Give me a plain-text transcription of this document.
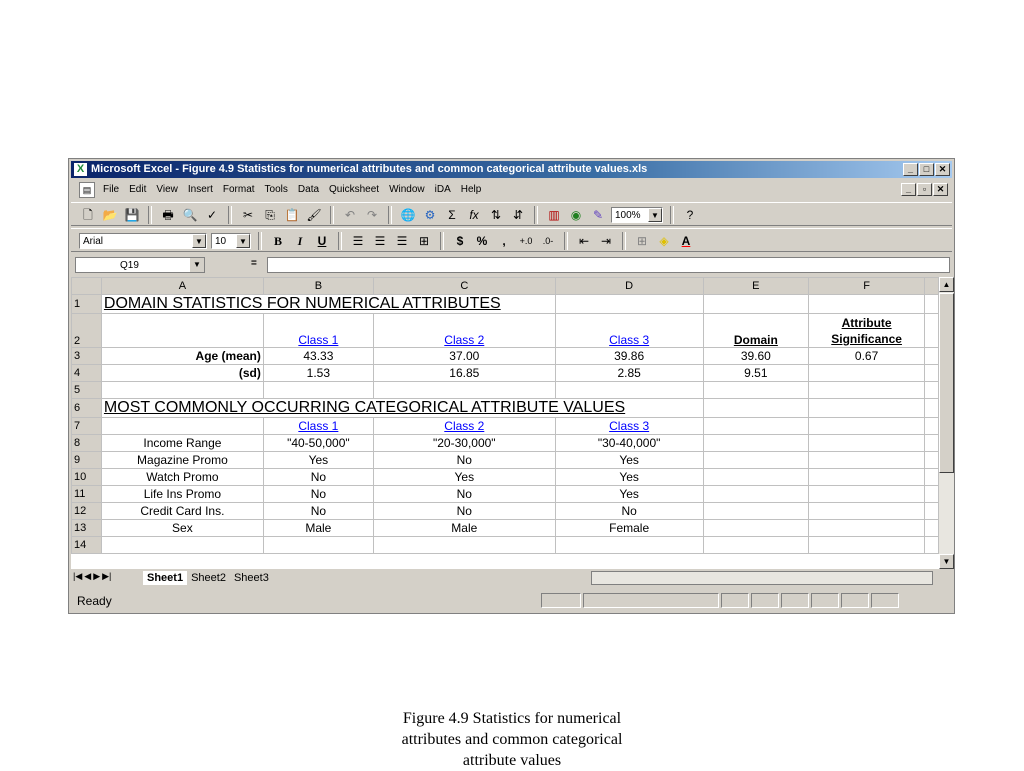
X Microsoft Excel - Figure 4.9 Statistics for numerical attributes and common categorical attribute values.xls	_	□	✕
▤	File Edit View Insert Format Tools Data Quicksheet Window iDA Help	_	▫	✕
🗋 📂 💾 🖶 🔍 ✓	✂	⎘ 📋 🖌	↶ ↷	🌐 ⚙	Σ	fx	⇅ ⇵	▥ ◉ ✎	100%	▼	?
Arial	▼	10	▼	B	I	U	☰ ☰ ☰ ⊞	$	%	,	+.0	.0-	⇤ ⇥	⊞	◈	A
Q19	▼	=
	A	B	C	D	E	F	
1	DOMAIN STATISTICS FOR NUMERICAL ATTRIBUTES						
2		Class 1	Class 2	Class 3	Domain	Attribute
Significance	
3	Age (mean)	43.33	37.00	39.86	39.60	0.67	
4	(sd)	1.53	16.85	2.85	9.51		
5							
6	MOST COMMONLY OCCURRING CATEGORICAL ATTRIBUTE VALUES						
7		Class 1	Class 2	Class 3			
8	Income Range	"40-50,000"	"20-30,000"	"30-40,000"			
9	Magazine Promo	Yes	No	Yes			
10	Watch Promo	No	Yes	Yes			
11	Life Ins Promo	No	No	Yes			
12	Credit Card Ins.	No	No	No			
13	Sex	Male	Male	Female			
14							
▲
▼
|◀ ◀ ▶ ▶|	Sheet1 Sheet2 Sheet3
Ready
Figure 4.9 Statistics for numerical
attributes and common categorical
attribute values
